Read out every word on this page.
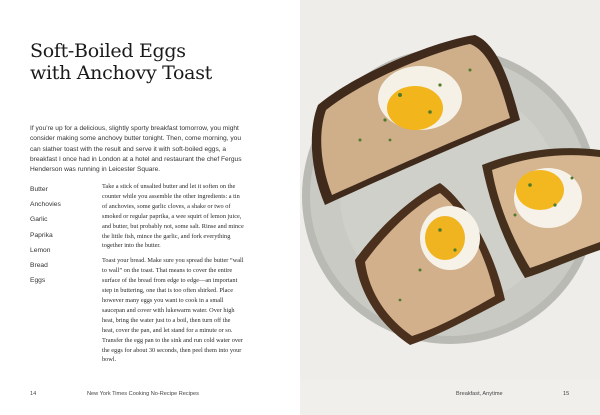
Soft-Boiled Eggs
with Anchovy Toast

If you’re up for a delicious, slightly sporty breakfast tomorrow, you might consider making some anchovy butter tonight. Then, come morning, you can slather toast with the result and serve it with soft-boiled eggs, a breakfast I once had in London at a hotel and restaurant the chef Fergus Henderson was running in Leicester Square.

Butter
Anchovies
Garlic
Paprika
Lemon
Bread
Eggs

Take a stick of unsalted butter and let it soften on the counter while you assemble the other ingredients: a tin of anchovies, some garlic cloves, a shake or two of smoked or regular paprika, a wee squirt of lemon juice, and butter, but probably not, some salt. Rinse and mince the little fish, mince the garlic, and fork everything together into the butter.

Toast your bread. Make sure you spread the butter “wall to wall” on the toast. That means to cover the entire surface of the bread from edge to edge—an important step in buttering, one that is too often shirked. Place however many eggs you want to cook in a small saucepan and cover with lukewarm water. Over high heat, bring the water just to a boil, then turn off the heat, cover the pan, and let stand for a minute or so. Transfer the egg pan to the sink and run cold water over the eggs for about 30 seconds, then peel them into your bowl.

14	New York Times Cooking No-Recipe Recipes	Breakfast, Anytime	15
